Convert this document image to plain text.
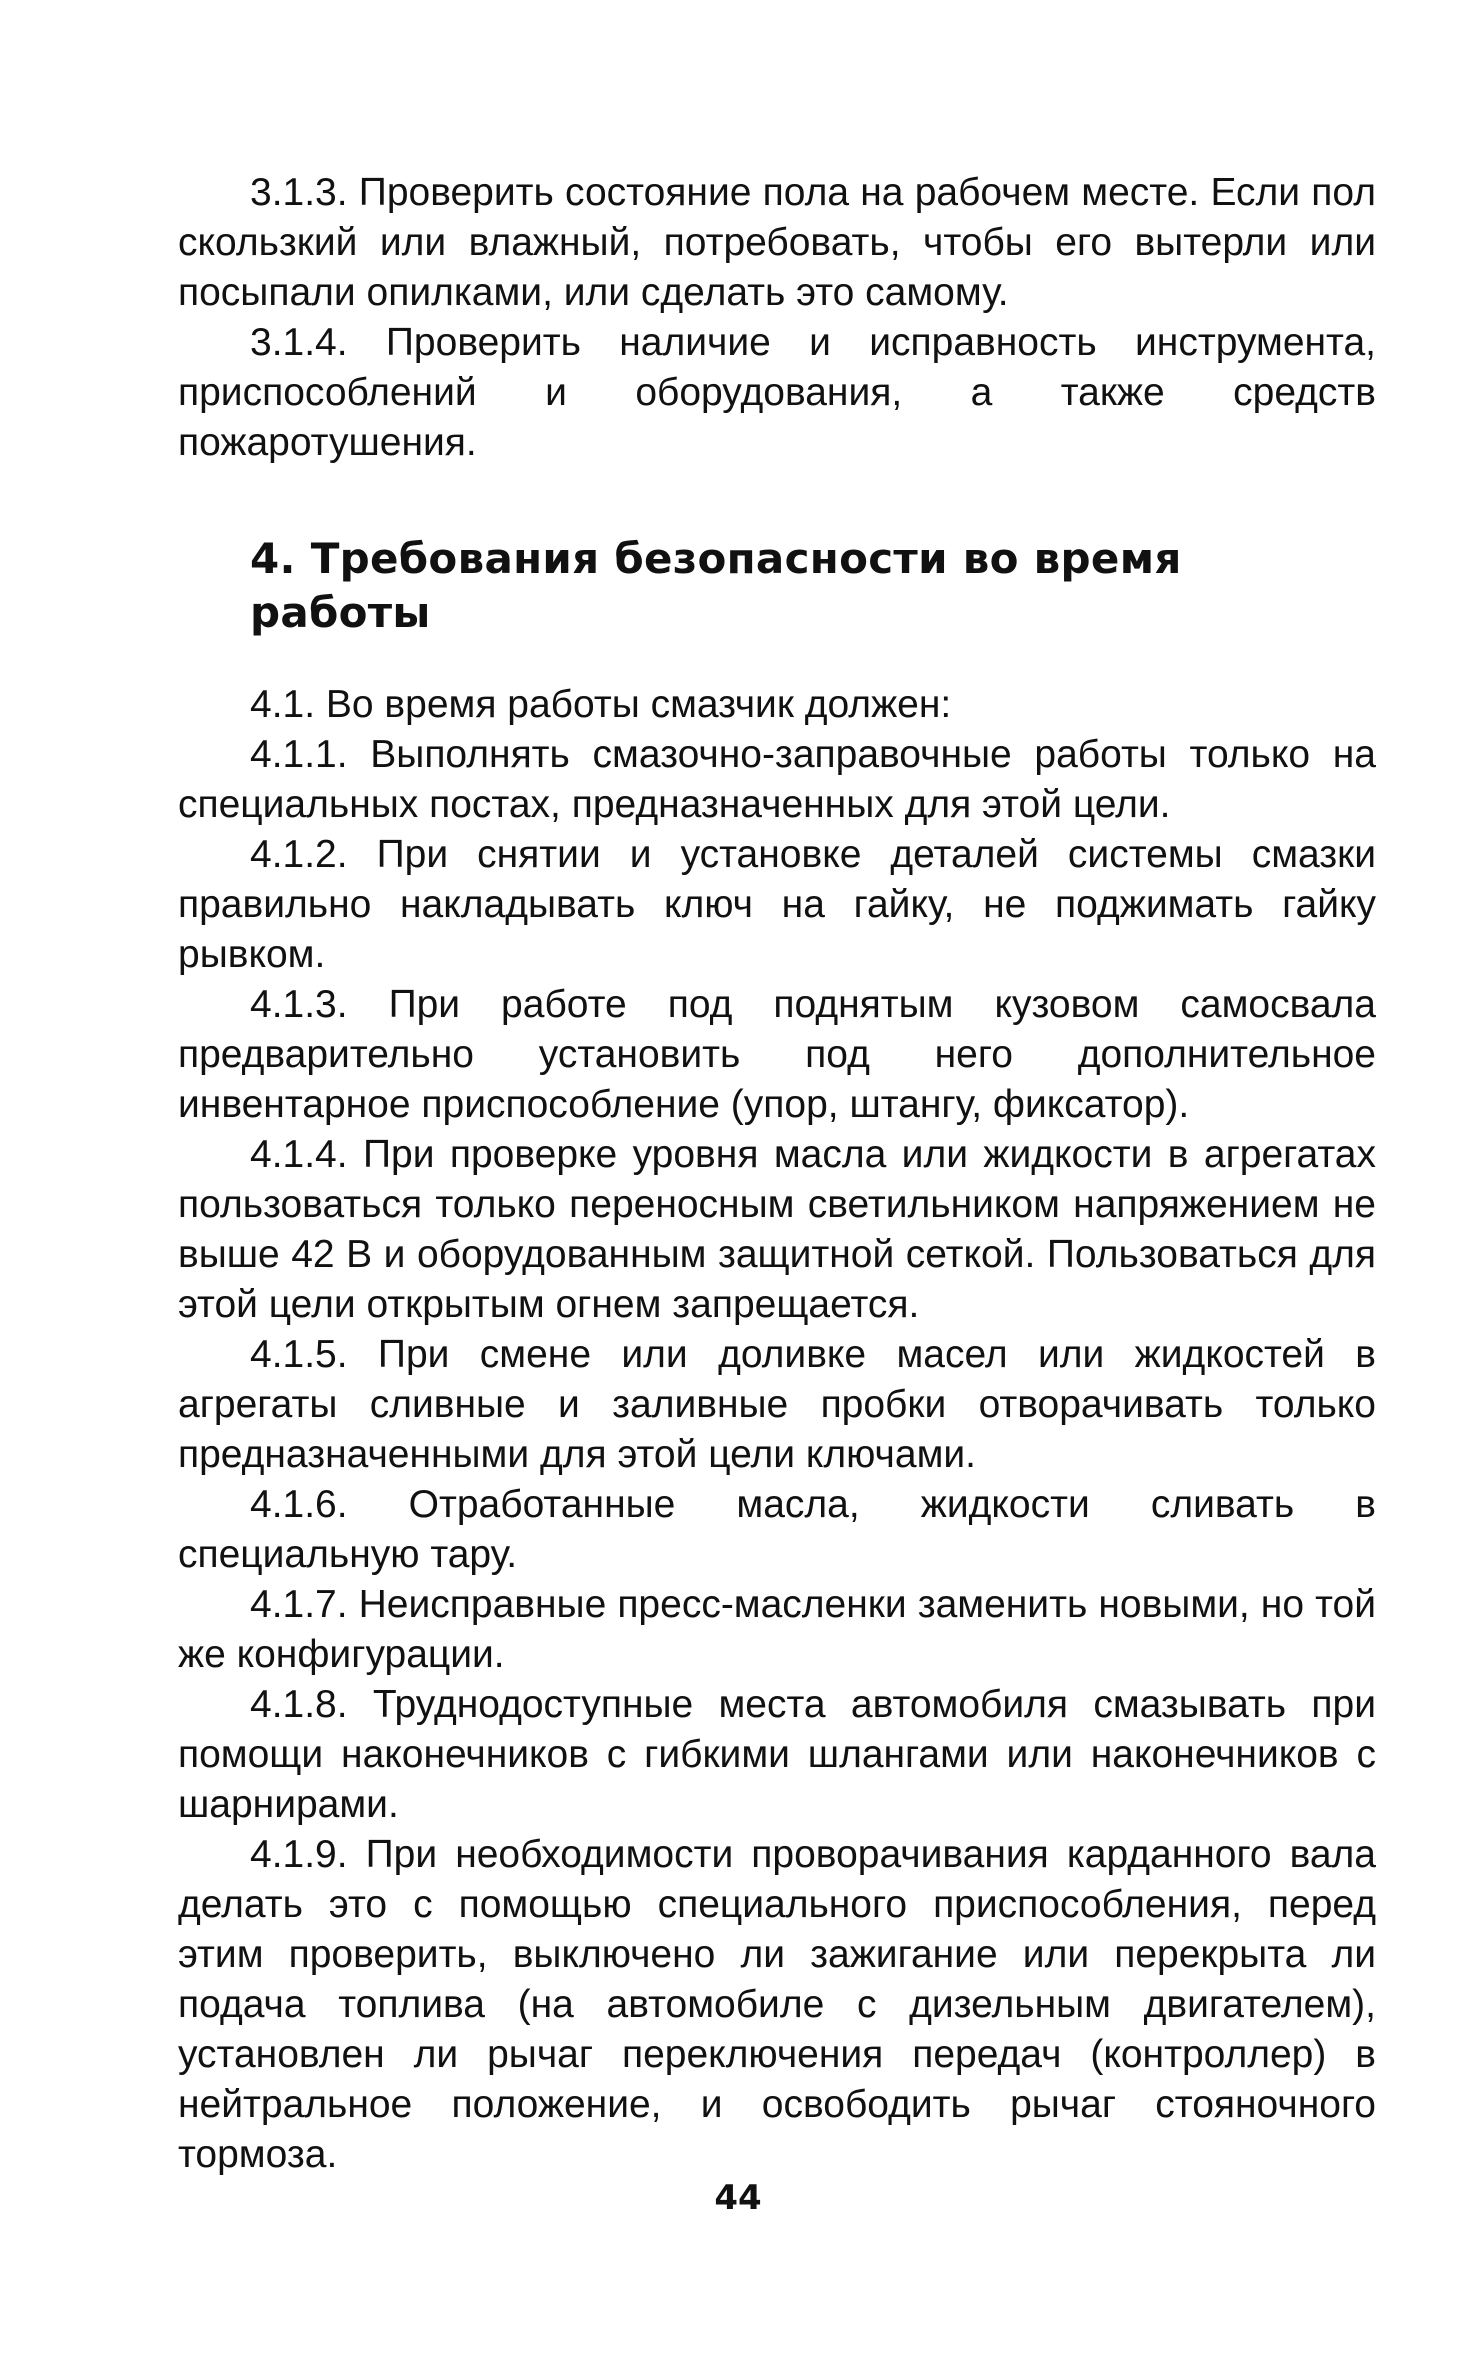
3.1.3. Проверить состояние пола на рабочем месте. Если пол скользкий или влажный, потребовать, чтобы его вытерли или посыпали опилками, или сделать это самому.

3.1.4. Проверить наличие и исправность инструмента, приспособлений и оборудования, а также средств пожаротушения.

4. Требования безопасности во время работы

4.1. Во время работы смазчик должен:

4.1.1. Выполнять смазочно-заправочные работы только на специальных постах, предназначенных для этой цели.

4.1.2. При снятии и установке деталей системы смазки правильно накладывать ключ на гайку, не поджимать гайку рывком.

4.1.3. При работе под поднятым кузовом самосвала предварительно установить под него дополнительное инвентарное приспособление (упор, штангу, фиксатор).

4.1.4. При проверке уровня масла или жидкости в агрегатах пользоваться только переносным светильником напряжением не выше 42 В и оборудованным защитной сеткой. Пользоваться для этой цели открытым огнем запрещается.

4.1.5. При смене или доливке масел или жидкостей в агрегаты сливные и заливные пробки отворачивать только предназначенными для этой цели ключами.

4.1.6. Отработанные масла, жидкости сливать в специальную тару.

4.1.7. Неисправные пресс-масленки заменить новыми, но той же конфигурации.

4.1.8. Труднодоступные места автомобиля смазывать при помощи наконечников с гибкими шлангами или наконечников с шарнирами.

4.1.9. При необходимости проворачивания карданного вала делать это с помощью специального приспособления, перед этим проверить, выключено ли зажигание или перекрыта ли подача топлива (на автомобиле с дизельным двигателем), установлен ли рычаг переключения передач (контроллер) в нейтральное положение, и освободить рычаг стояночного тормоза.

44
